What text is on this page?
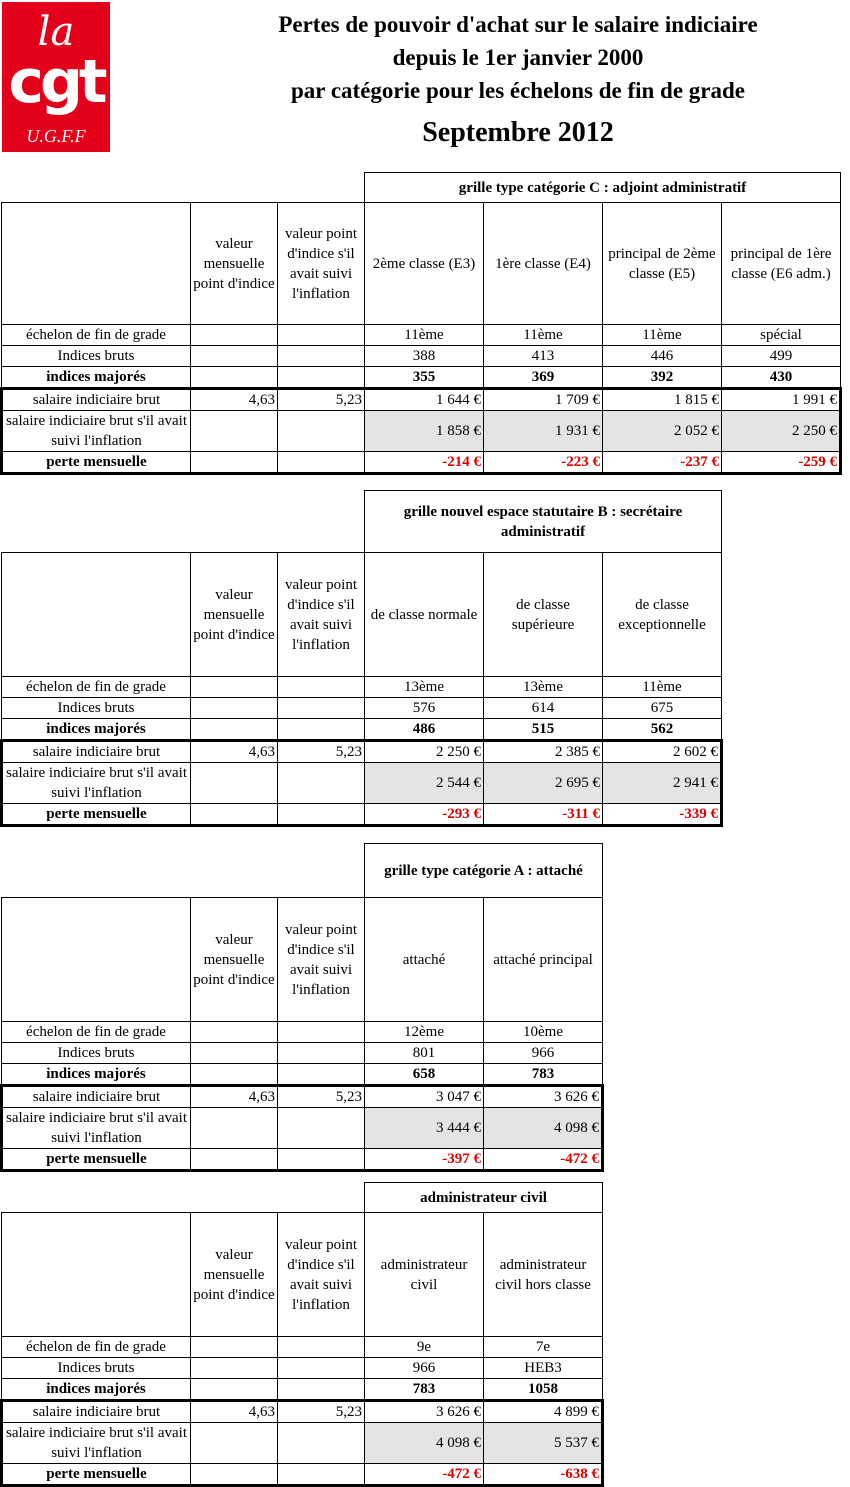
la
cgt
U.G.F.F
Pertes de pouvoir d'achat sur le salaire indiciaire
depuis le 1er janvier 2000
par catégorie pour les échelons de fin de grade
Septembre 2012
			grille type catégorie C : adjoint administratif			
	valeur mensuelle point d'indice	valeur point d'indice s'il avait suivi l'inflation	2ème classe (E3)	1ère classe (E4)	principal de 2ème classe (E5)	principal de 1ère classe (E6 adm.)
échelon de fin de grade			11ème	11ème	11ème	spécial
Indices bruts			388	413	446	499
indices majorés			355	369	392	430
salaire indiciaire brut	4,63	5,23	1 644 €	1 709 €	1 815 €	1 991 €
salaire indiciaire brut s'il avait suivi l'inflation			1 858 €	1 931 €	2 052 €	2 250 €
perte mensuelle			-214 €	-223 €	-237 €	-259 €
			grille nouvel espace statutaire B : secrétaire administratif		
	valeur mensuelle point d'indice	valeur point d'indice s'il avait suivi l'inflation	de classe normale	de classe supérieure	de classe exceptionnelle
échelon de fin de grade			13ème	13ème	11ème
Indices bruts			576	614	675
indices majorés			486	515	562
salaire indiciaire brut	4,63	5,23	2 250 €	2 385 €	2 602 €
salaire indiciaire brut s'il avait suivi l'inflation			2 544 €	2 695 €	2 941 €
perte mensuelle			-293 €	-311 €	-339 €
			grille type catégorie A : attaché	
	valeur mensuelle point d'indice	valeur point d'indice s'il avait suivi l'inflation	attaché	attaché principal
échelon de fin de grade			12ème	10ème
Indices bruts			801	966
indices majorés			658	783
salaire indiciaire brut	4,63	5,23	3 047 €	3 626 €
salaire indiciaire brut s'il avait suivi l'inflation			3 444 €	4 098 €
perte mensuelle			-397 €	-472 €
			administrateur civil	
	valeur mensuelle point d'indice	valeur point d'indice s'il avait suivi l'inflation	administrateur civil	administrateur civil hors classe
échelon de fin de grade			9e	7e
Indices bruts			966	HEB3
indices majorés			783	1058
salaire indiciaire brut	4,63	5,23	3 626 €	4 899 €
salaire indiciaire brut s'il avait suivi l'inflation			4 098 €	5 537 €
perte mensuelle			-472 €	-638 €
